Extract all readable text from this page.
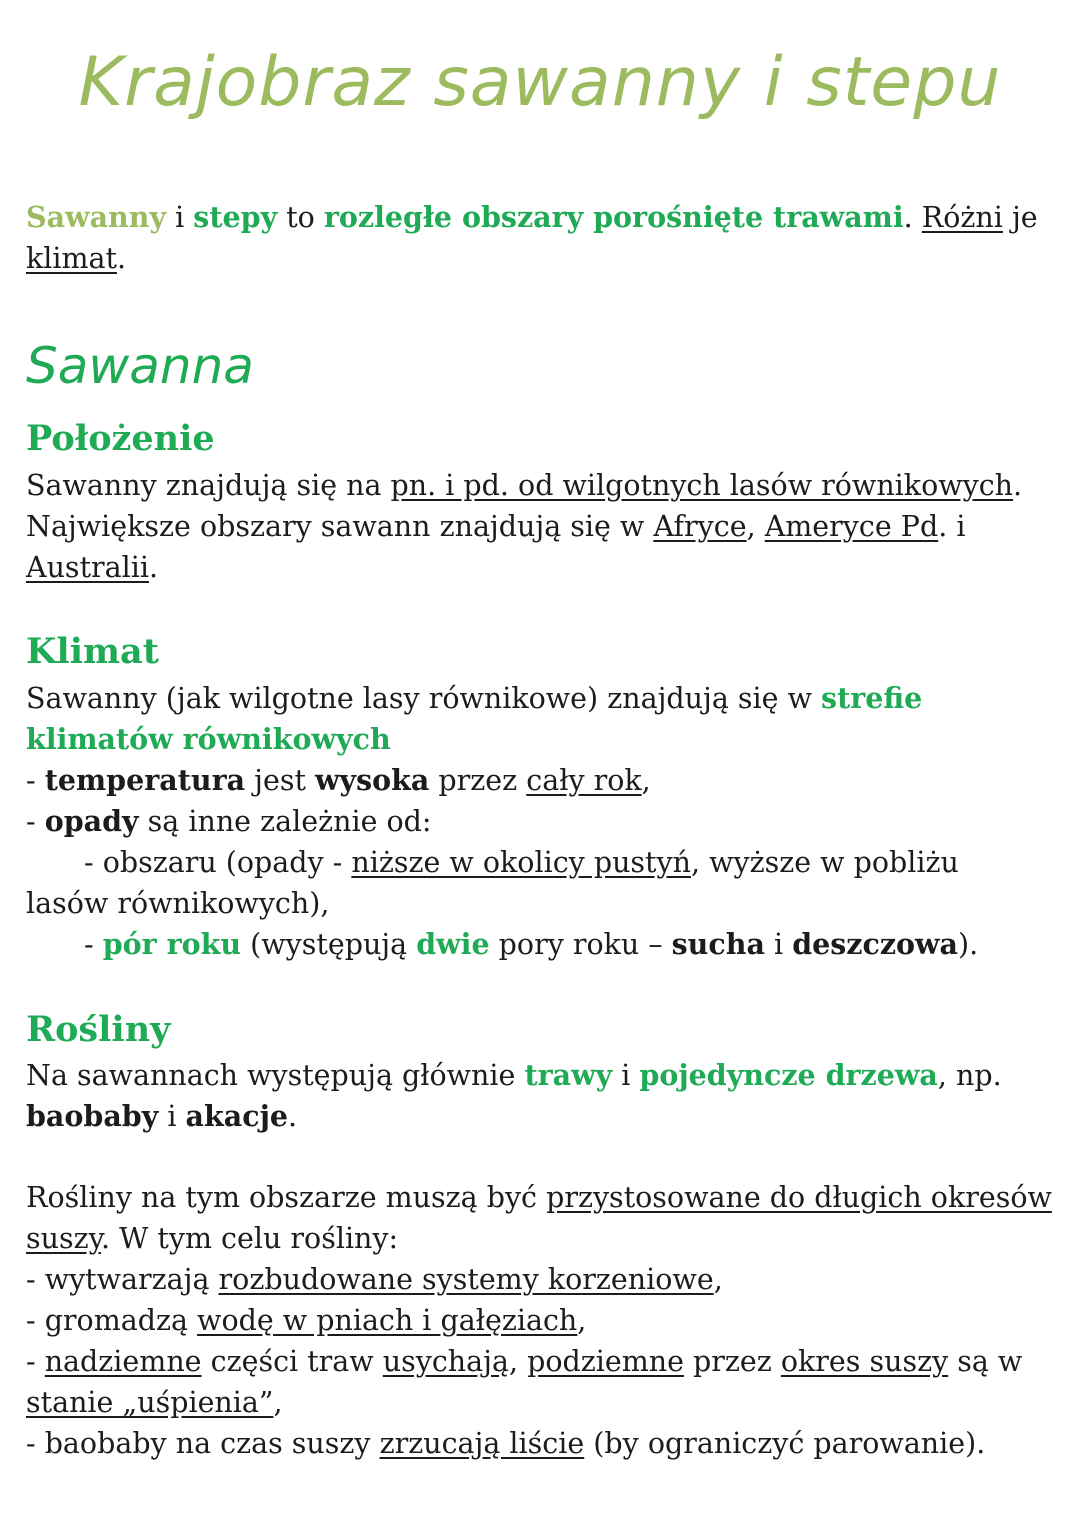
Krajobraz sawanny i stepu

Sawanny i stepy to rozległe obszary porośnięte trawami. Różni je
klimat.

Sawanna
Położenie

Sawanny znajdują się na pn. i pd. od wilgotnych lasów równikowych.
Największe obszary sawann znajdują się w Afryce, Ameryce Pd. i
Australii.

Klimat

Sawanny (jak wilgotne lasy równikowe) znajdują się w strefie
klimatów równikowych
- temperatura jest wysoka przez cały rok,
- opady są inne zależnie od:
- obszaru (opady - niższe w okolicy pustyń, wyższe w pobliżu
lasów równikowych),
- pór roku (występują dwie pory roku – sucha i deszczowa).

Rośliny

Na sawannach występują głównie trawy i pojedyncze drzewa, np.
baobaby i akacje.

Rośliny na tym obszarze muszą być przystosowane do długich okresów
suszy. W tym celu rośliny:
- wytwarzają rozbudowane systemy korzeniowe,
- gromadzą wodę w pniach i gałęziach,
- nadziemne części traw usychają, podziemne przez okres suszy są w
stanie „uśpienia”,
- baobaby na czas suszy zrzucają liście (by ograniczyć parowanie).
